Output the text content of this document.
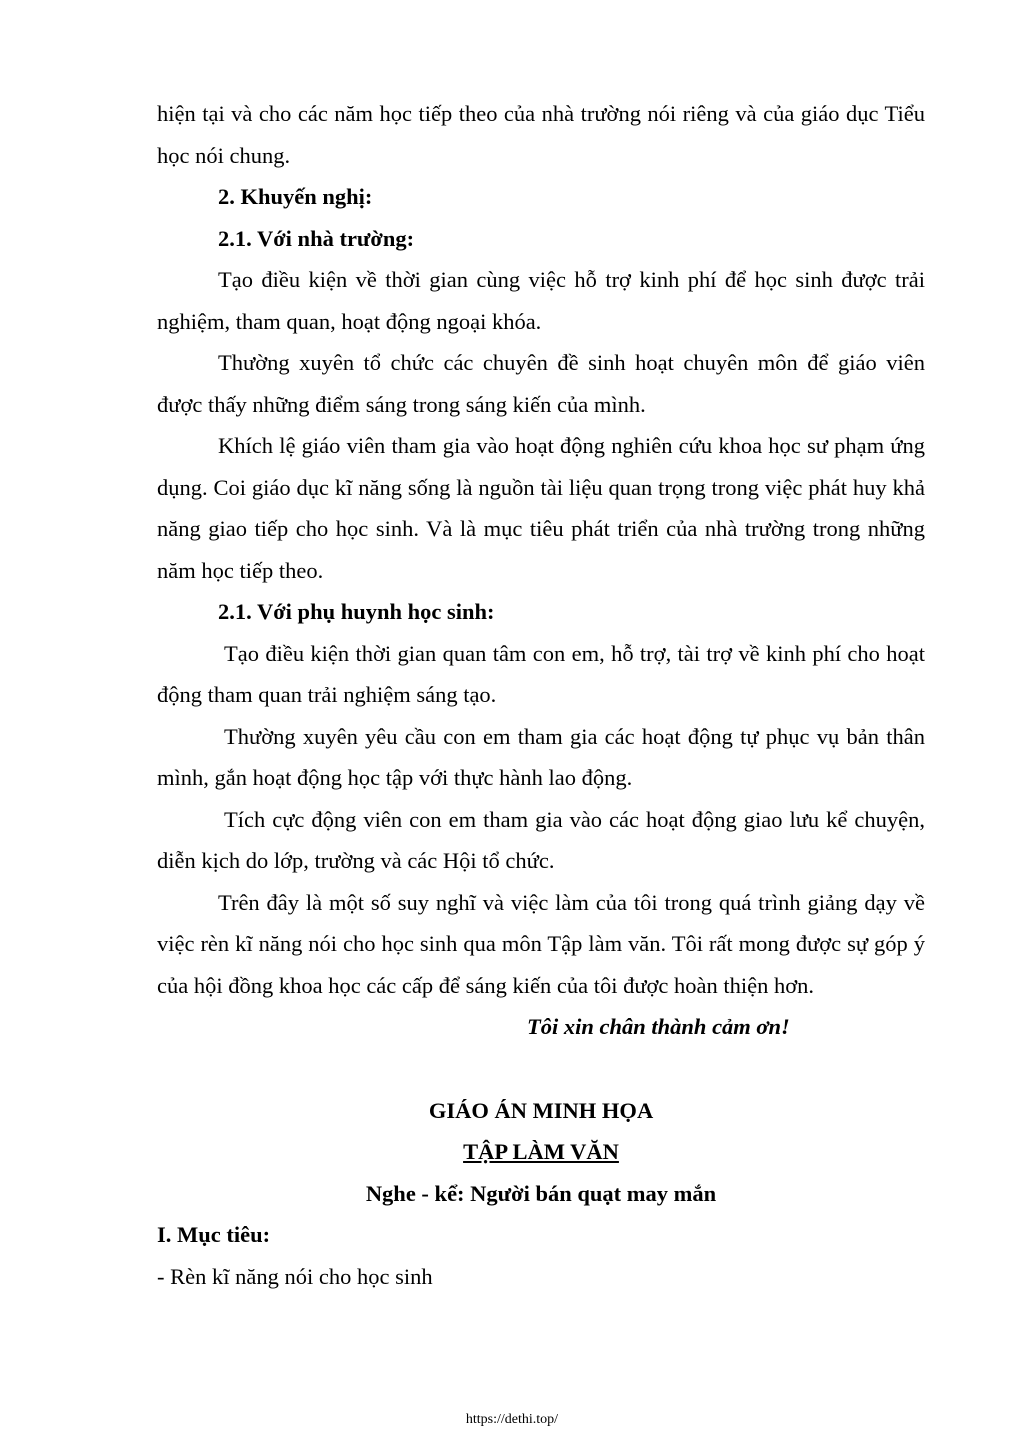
hiện tại và cho các năm học tiếp theo của nhà trường nói riêng và của giáo dục Tiểu học nói chung.

2. Khuyến nghị:

2.1. Với nhà trường:

Tạo điều kiện về thời gian cùng việc hỗ trợ kinh phí để học sinh được trải nghiệm, tham quan, hoạt động ngoại khóa.

Thường xuyên tổ chức các chuyên đề sinh hoạt chuyên môn để giáo viên được thấy những điểm sáng trong sáng kiến của mình.

Khích lệ giáo viên tham gia vào hoạt động nghiên cứu khoa học sư phạm ứng dụng. Coi giáo dục kĩ năng sống là nguồn tài liệu quan trọng trong việc phát huy khả năng giao tiếp cho học sinh. Và là mục tiêu phát triển của nhà trường trong những năm học tiếp theo.

2.1. Với phụ huynh học sinh:

Tạo điều kiện thời gian quan tâm con em, hỗ trợ, tài trợ về kinh phí cho hoạt động tham quan trải nghiệm sáng tạo.

Thường xuyên yêu cầu con em tham gia các hoạt động tự phục vụ bản thân mình, gắn hoạt động học tập với thực hành lao động.

Tích cực động viên con em tham gia vào các hoạt động giao lưu kể chuyện, diễn kịch do lớp, trường và các Hội tổ chức.

Trên đây là một số suy nghĩ và việc làm của tôi trong quá trình giảng dạy về việc rèn kĩ năng nói cho học sinh qua môn Tập làm văn. Tôi rất mong được sự góp ý của hội đồng khoa học các cấp để sáng kiến của tôi được hoàn thiện hơn.

Tôi xin chân thành cảm ơn!

GIÁO ÁN MINH HỌA

TẬP LÀM VĂN

Nghe - kể: Người bán quạt may mắn

I. Mục tiêu:

- Rèn kĩ năng nói cho học sinh

https://dethi.top/
